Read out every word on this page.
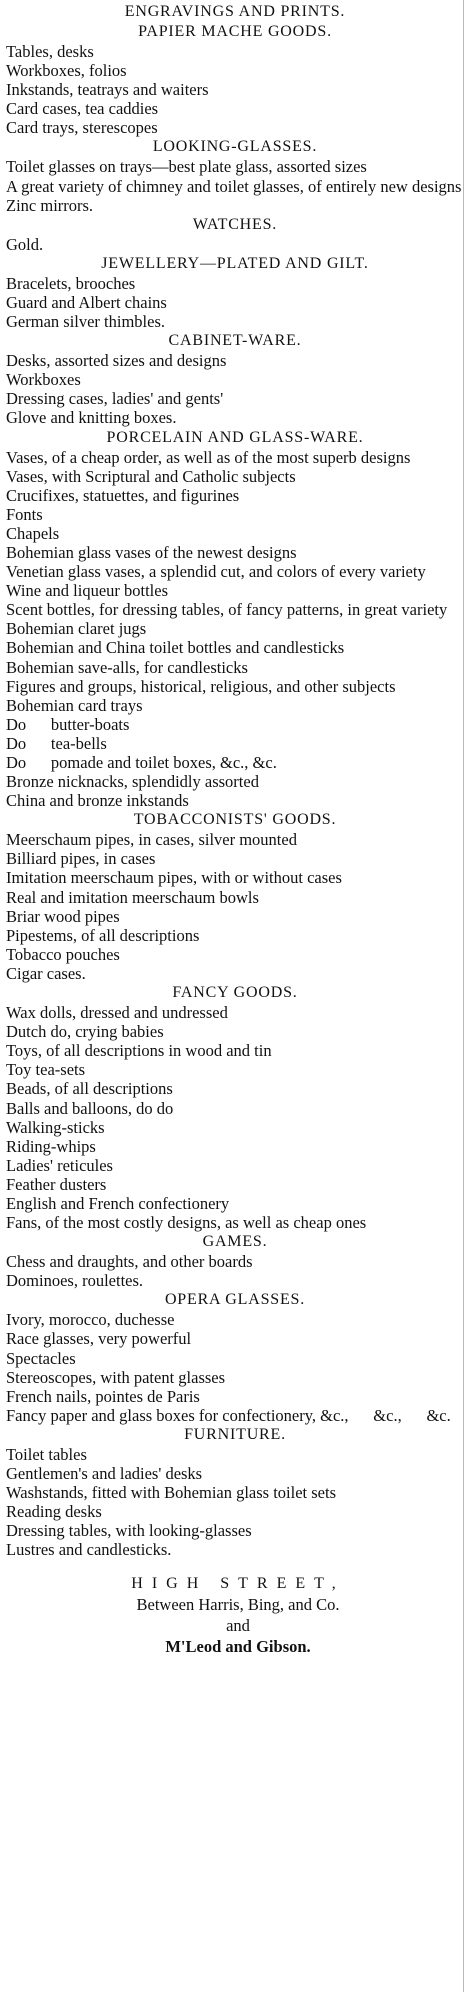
ENGRAVINGS AND PRINTS.
PAPIER MACHE GOODS.
Tables, desks
Workboxes, folios
Inkstands, teatrays and waiters
Card cases, tea caddies
Card trays, sterescopes
LOOKING-GLASSES.
Toilet glasses on trays—best plate glass, assorted sizes
A great variety of chimney and toilet glasses, of entirely new designs
Zinc mirrors.
WATCHES.
Gold.
JEWELLERY—PLATED AND GILT.
Bracelets, brooches
Guard and Albert chains
German silver thimbles.
CABINET-WARE.
Desks, assorted sizes and designs
Workboxes
Dressing cases, ladies' and gents'
Glove and knitting boxes.
PORCELAIN AND GLASS-WARE.
Vases, of a cheap order, as well as of the most superb designs
Vases, with Scriptural and Catholic subjects
Crucifixes, statuettes, and figurines
Fonts
Chapels
Bohemian glass vases of the newest designs
Venetian glass vases, a splendid cut, and colors of every variety
Wine and liqueur bottles
Scent bottles, for dressing tables, of fancy patterns, in great variety
Bohemian claret jugs
Bohemian and China toilet bottles and candlesticks
Bohemian save-alls, for candlesticks
Figures and groups, historical, religious, and other subjects
Bohemian card trays
Do      butter-boats
Do      tea-bells
Do      pomade and toilet boxes, &c., &c.
Bronze nicknacks, splendidly assorted
China and bronze inkstands
TOBACCONISTS' GOODS.
Meerschaum pipes, in cases, silver mounted
Billiard pipes, in cases
Imitation meerschaum pipes, with or without cases
Real and imitation meerschaum bowls
Briar wood pipes
Pipestems, of all descriptions
Tobacco pouches
Cigar cases.
FANCY GOODS.
Wax dolls, dressed and undressed
Dutch do, crying babies
Toys, of all descriptions in wood and tin
Toy tea-sets
Beads, of all descriptions
Balls and balloons, do do
Walking-sticks
Riding-whips
Ladies' reticules
Feather dusters
English and French confectionery
Fans, of the most costly designs, as well as cheap ones
GAMES.
Chess and draughts, and other boards
Dominoes, roulettes.
OPERA GLASSES.
Ivory, morocco, duchesse
Race glasses, very powerful
Spectacles
Stereoscopes, with patent glasses
French nails, pointes de Paris
Fancy paper and glass boxes for confectionery, &c.,      &c.,      &c.
FURNITURE.
Toilet tables
Gentlemen's and ladies' desks
Washstands, fitted with Bohemian glass toilet sets
Reading desks
Dressing tables, with looking-glasses
Lustres and candlesticks.
HIGH STREET,
Between Harris, Bing, and Co.
and
M'Leod and Gibson.
